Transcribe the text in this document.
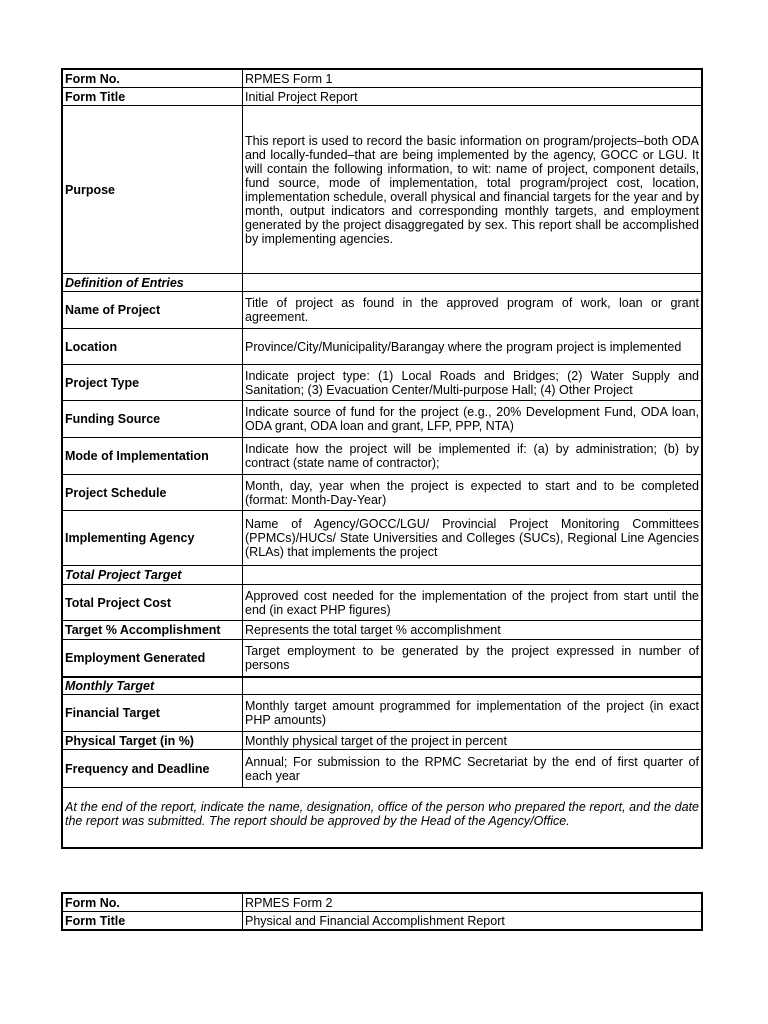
Form No.	RPMES Form 1
Form Title	Initial Project Report
Purpose	This report is used to record the basic information on program/projects–both ODA and locally-funded–that are being implemented by the agency, GOCC or LGU. It will contain the following information, to wit: name of project, component details, fund source, mode of implementation, total program/project cost, location, implementation schedule, overall physical and financial targets for the year and by month, output indicators and corresponding monthly targets, and employment generated by the project disaggregated by sex. This report shall be accomplished by implementing agencies.
Definition of Entries	
Name of Project	Title of project as found in the approved program of work, loan or grant agreement.
Location	Province/City/Municipality/Barangay where the program project is implemented
Project Type	Indicate project type: (1) Local Roads and Bridges; (2) Water Supply and Sanitation; (3) Evacuation Center/Multi-purpose Hall; (4) Other Project
Funding Source	Indicate source of fund for the project (e.g., 20% Development Fund, ODA loan, ODA grant, ODA loan and grant, LFP, PPP, NTA)
Mode of Implementation	Indicate how the project will be implemented if: (a) by administration; (b) by contract (state name of contractor);
Project Schedule	Month, day, year when the project is expected to start and to be completed (format: Month-Day-Year)
Implementing Agency	Name of Agency/GOCC/LGU/ Provincial Project Monitoring Committees (PPMCs)/HUCs/ State Universities and Colleges (SUCs), Regional Line Agencies (RLAs) that implements the project
Total Project Target	
Total Project Cost	Approved cost needed for the implementation of the project from start until the end (in exact PHP figures)
Target % Accomplishment	Represents the total target % accomplishment
Employment Generated	Target employment to be generated by the project expressed in number of persons
Monthly Target	
Financial Target	Monthly target amount programmed for implementation of the project (in exact PHP amounts)
Physical Target (in %)	Monthly physical target of the project in percent
Frequency and Deadline	Annual; For submission to the RPMC Secretariat by the end of first quarter of each year
At the end of the report, indicate the name, designation, office of the person who prepared the report, and the date the report was submitted. The report should be approved by the Head of the Agency/Office.	
Form No.	RPMES Form 2
Form Title	Physical and Financial Accomplishment Report
